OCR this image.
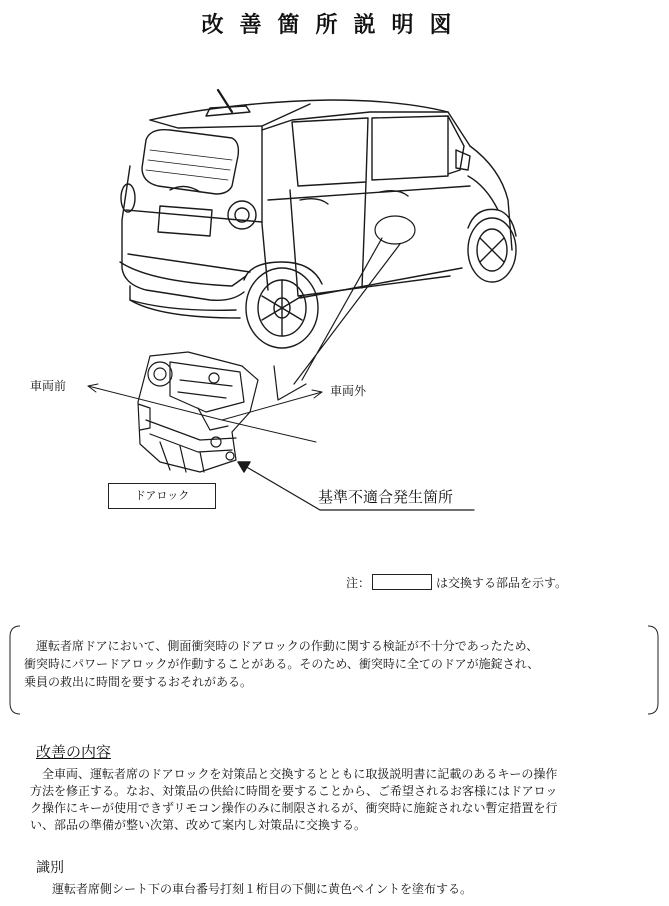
改善箇所説明図
車両前	車両外
ドアロック	基準不適合発生箇所
注：	は交換する部品を示す。

運転者席ドアにおいて、側面衝突時のドアロックの作動に関する検証が不十分であったため、

衝突時にパワードアロックが作動することがある。そのため、衝突時に全てのドアが施錠され、

乗員の救出に時間を要するおそれがある。

改善の内容

全車両、運転者席のドアロックを対策品と交換するとともに取扱説明書に記載のあるキーの操作

方法を修正する。なお、対策品の供給に時間を要することから、ご希望されるお客様にはドアロッ

ク操作にキーが使用できずリモコン操作のみに制限されるが、衝突時に施錠されない暫定措置を行

い、部品の準備が整い次第、改めて案内し対策品に交換する。

識別
運転者席側シート下の車台番号打刻１桁目の下側に黄色ペイントを塗布する。
